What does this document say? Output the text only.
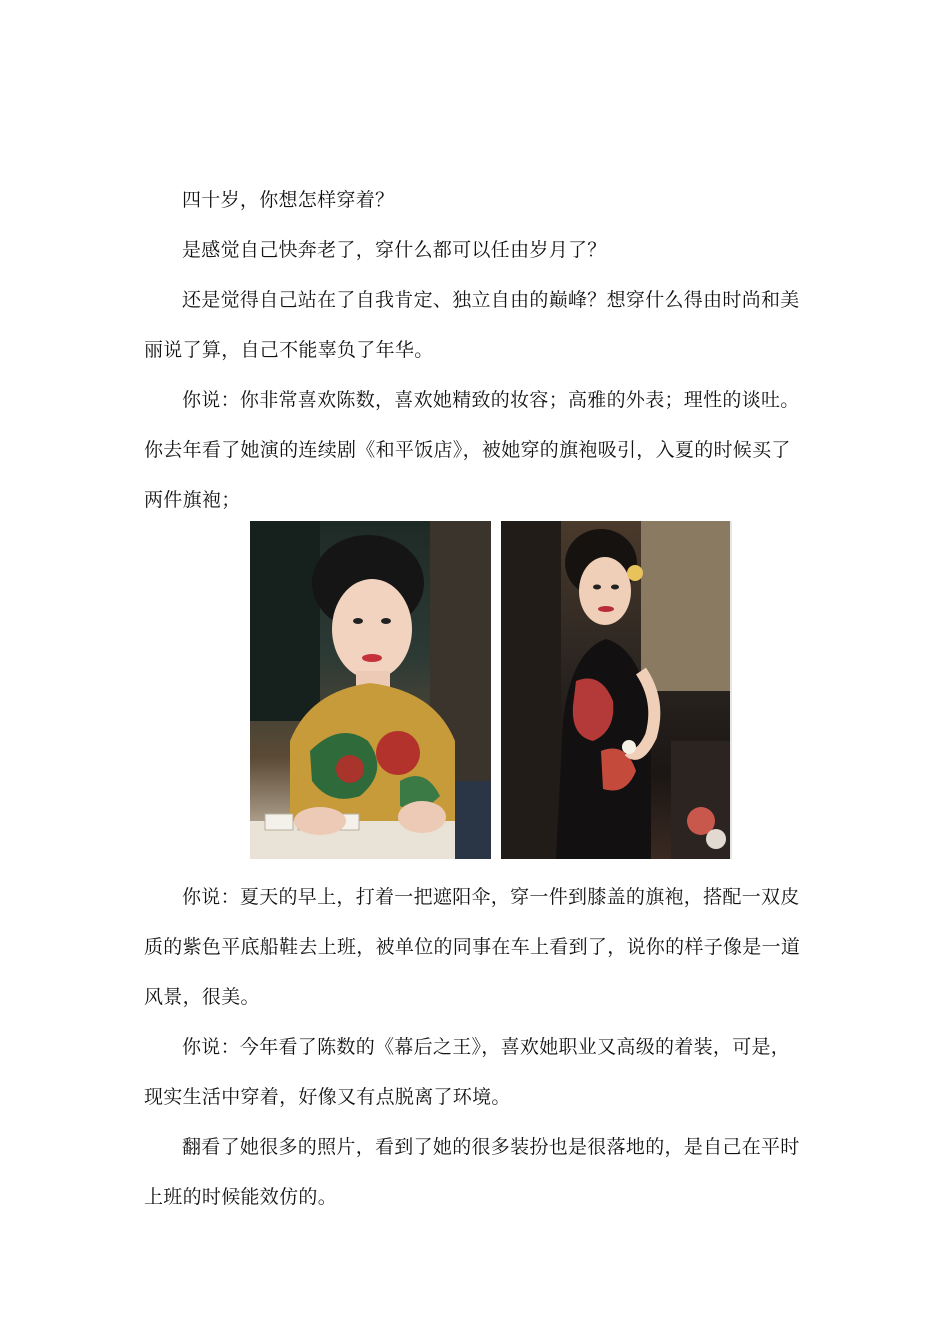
四十岁，你想怎样穿着？

是感觉自己快奔老了，穿什么都可以任由岁月了？

还是觉得自己站在了自我肯定、独立自由的巅峰？想穿什么得由时尚和美丽说了算，自己不能辜负了年华。

你说：你非常喜欢陈数，喜欢她精致的妆容；高雅的外表；理性的谈吐。你去年看了她演的连续剧《和平饭店》，被她穿的旗袍吸引，入夏的时候买了两件旗袍；

你说：夏天的早上，打着一把遮阳伞，穿一件到膝盖的旗袍，搭配一双皮质的紫色平底船鞋去上班，被单位的同事在车上看到了，说你的样子像是一道风景，很美。

你说：今年看了陈数的《幕后之王》，喜欢她职业又高级的着装，可是，现实生活中穿着，好像又有点脱离了环境。

翻看了她很多的照片，看到了她的很多装扮也是很落地的，是自己在平时上班的时候能效仿的。
